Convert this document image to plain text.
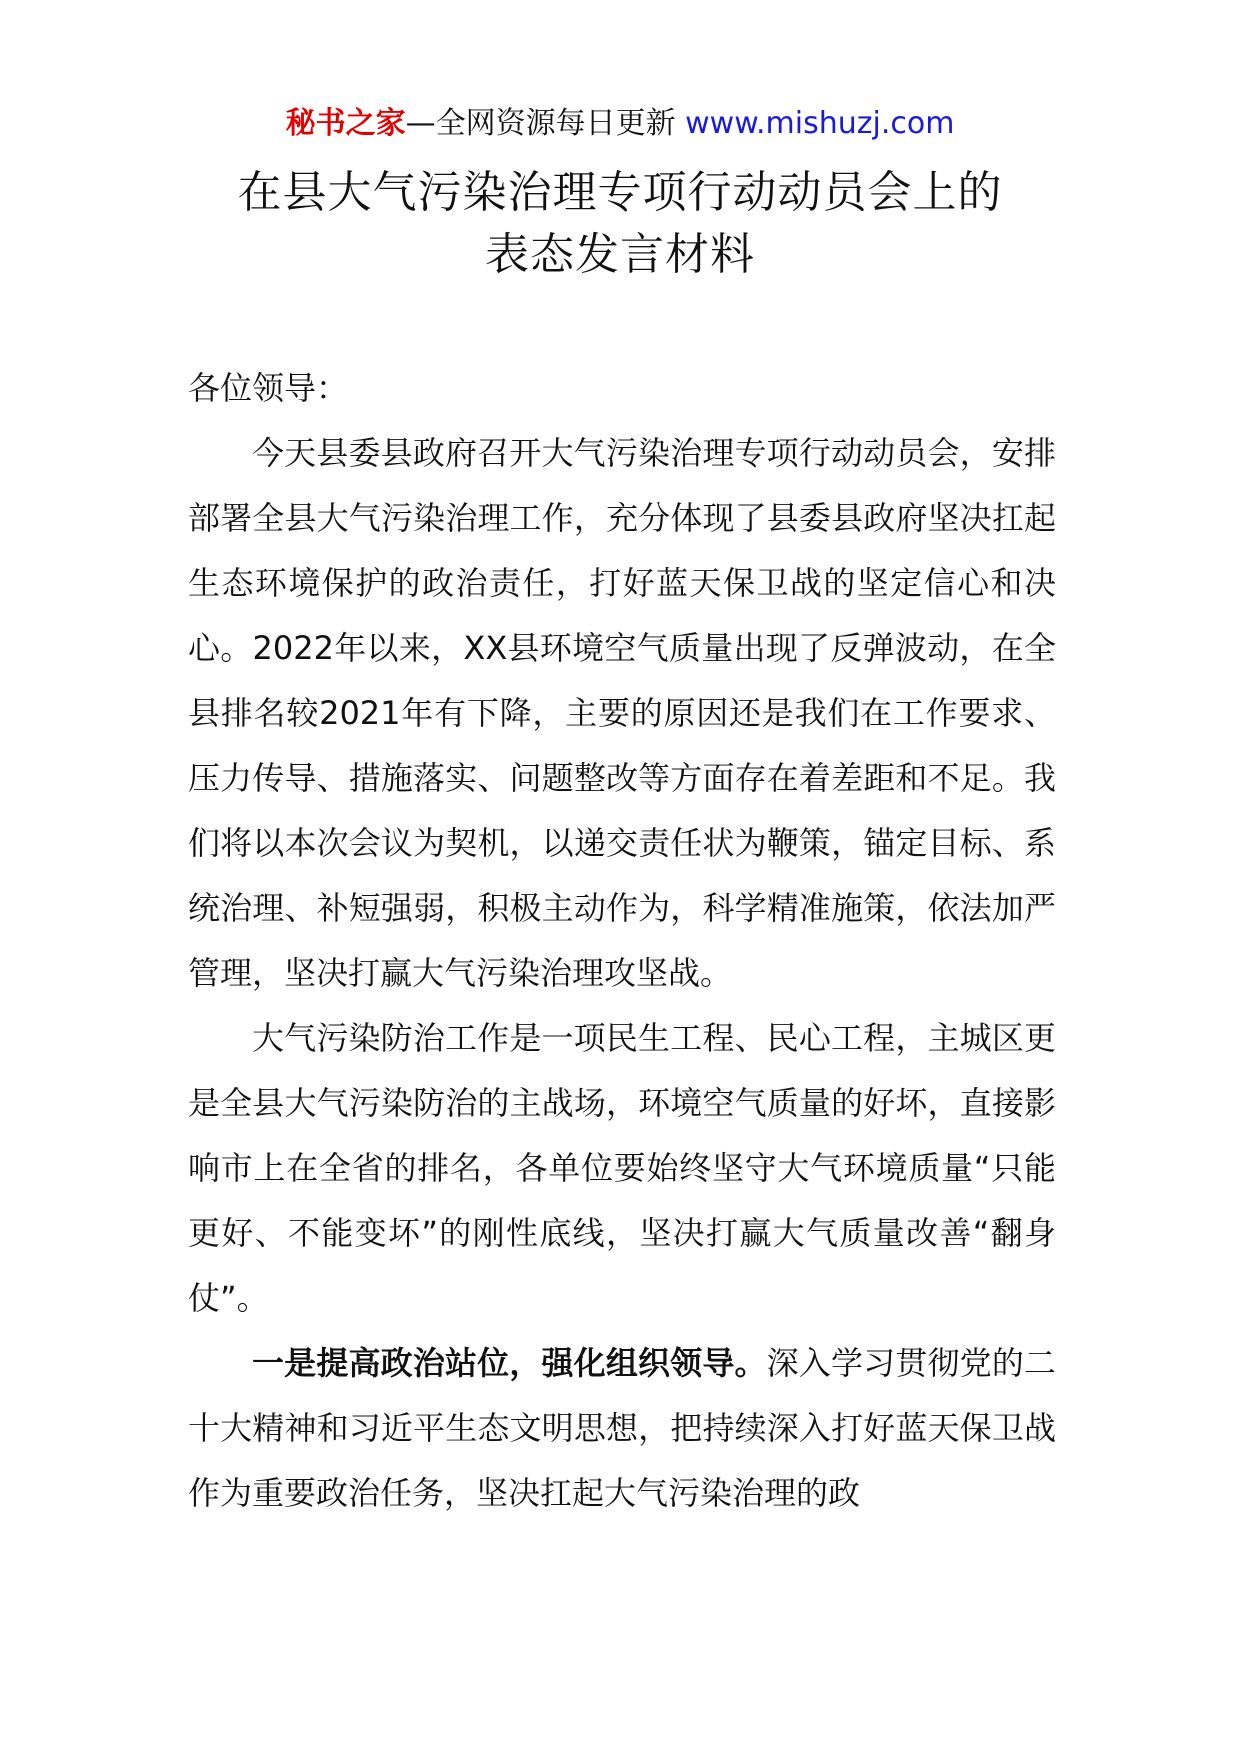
秘书之家—全网资源每日更新 www.mishuzj.com
在县大气污染治理专项行动动员会上的
表态发言材料

各位领导：

今天县委县政府召开大气污染治理专项行动动员会，安排部署全县大气污染治理工作，充分体现了县委县政府坚决扛起生态环境保护的政治责任，打好蓝天保卫战的坚定信心和决心。2022年以来，XX县环境空气质量出现了反弹波动，在全县排名较2021年有下降，主要的原因还是我们在工作要求、压力传导、措施落实、问题整改等方面存在着差距和不足。我们将以本次会议为契机，以递交责任状为鞭策，锚定目标、系统治理、补短强弱，积极主动作为，科学精准施策，依法加严管理，坚决打赢大气污染治理攻坚战。

大气污染防治工作是一项民生工程、民心工程，主城区更是全县大气污染防治的主战场，环境空气质量的好坏，直接影响市上在全省的排名，各单位要始终坚守大气环境质量“只能更好、不能变坏”的刚性底线，坚决打赢大气质量改善“翻身仗”。

一是提高政治站位，强化组织领导。深入学习贯彻党的二十大精神和习近平生态文明思想，把持续深入打好蓝天保卫战作为重要政治任务，坚决扛起大气污染治理的政
